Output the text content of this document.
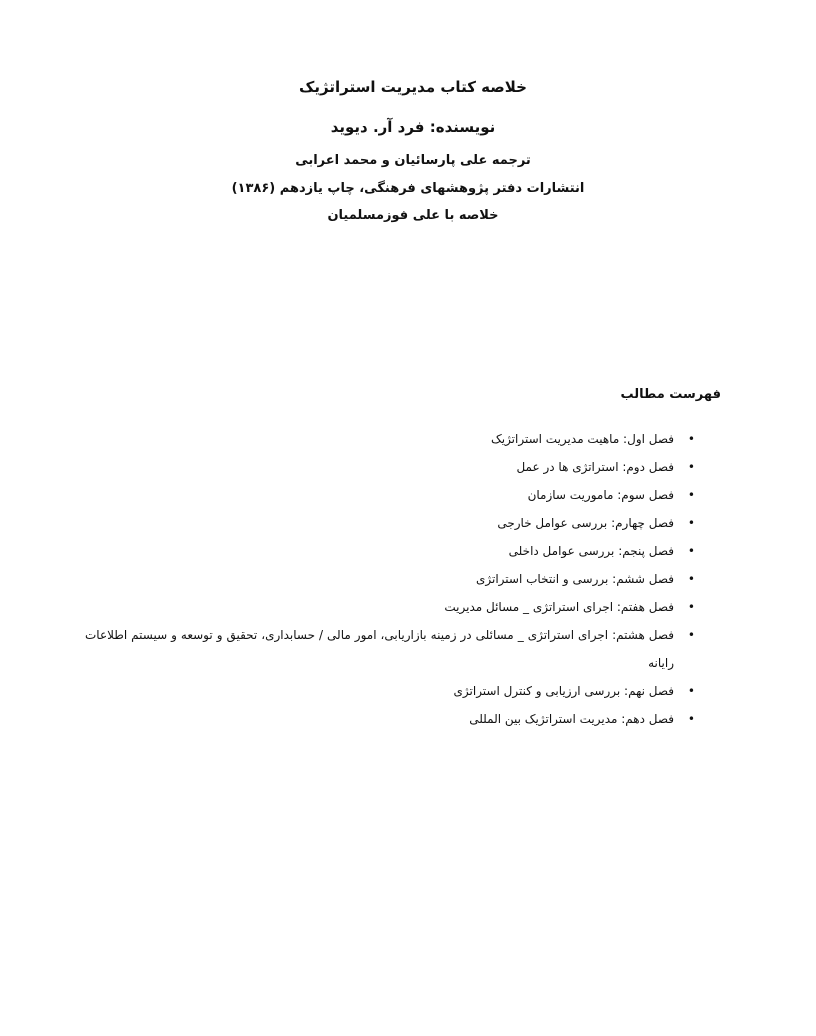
خلاصه کتاب مدیریت استراتژیک

نویسنده: فرد آر. دیوید

ترجمه علی پارسائیان و محمد اعرابی

انتشارات دفتر پژوهشهای فرهنگی، چاپ یازدهم (۱۳۸۶)

خلاصه با علی فوزمسلمیان

فهرست مطالب

•
فصل اول: ماهیت مدیریت استراتژیک
•
فصل دوم: استراتژی ها در عمل
•
فصل سوم: ماموریت سازمان
•
فصل چهارم: بررسی عوامل خارجی
•
فصل پنجم: بررسی عوامل داخلی
•
فصل ششم: بررسی و انتخاب استراتژی
•
فصل هفتم: اجرای استراتژی _ مسائل مدیریت
•
فصل هشتم: اجرای استراتژی _ مسائلی در زمینه بازاریابی، امور مالی / حسابداری، تحقیق و توسعه و سیستم اطلاعات رایانه
•
فصل نهم: بررسی ارزیابی و کنترل استراتژی
•
فصل دهم: مدیریت استراتژیک بین المللی
